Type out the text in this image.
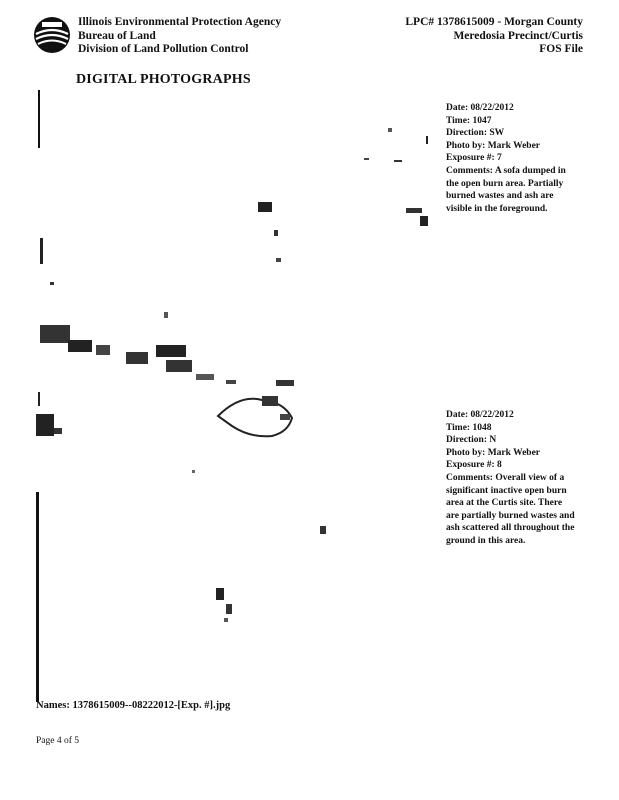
Illinois Environmental Protection Agency
Bureau of Land
Division of Land Pollution Control
LPC# 1378615009 - Morgan County
Meredosia Precinct/Curtis
FOS File
DIGITAL PHOTOGRAPHS
Date: 08/22/2012
Time: 1047
Direction: SW
Photo by: Mark Weber
Exposure #: 7
Comments: A sofa dumped in the open burn area. Partially burned wastes and ash are visible in the foreground.
Date: 08/22/2012
Time: 1048
Direction: N
Photo by: Mark Weber
Exposure #: 8
Comments: Overall view of a significant inactive open burn area at the Curtis site. There are partially burned wastes and ash scattered all throughout the ground in this area.
Names: 1378615009--08222012-[Exp. #].jpg
Page 4 of 5
